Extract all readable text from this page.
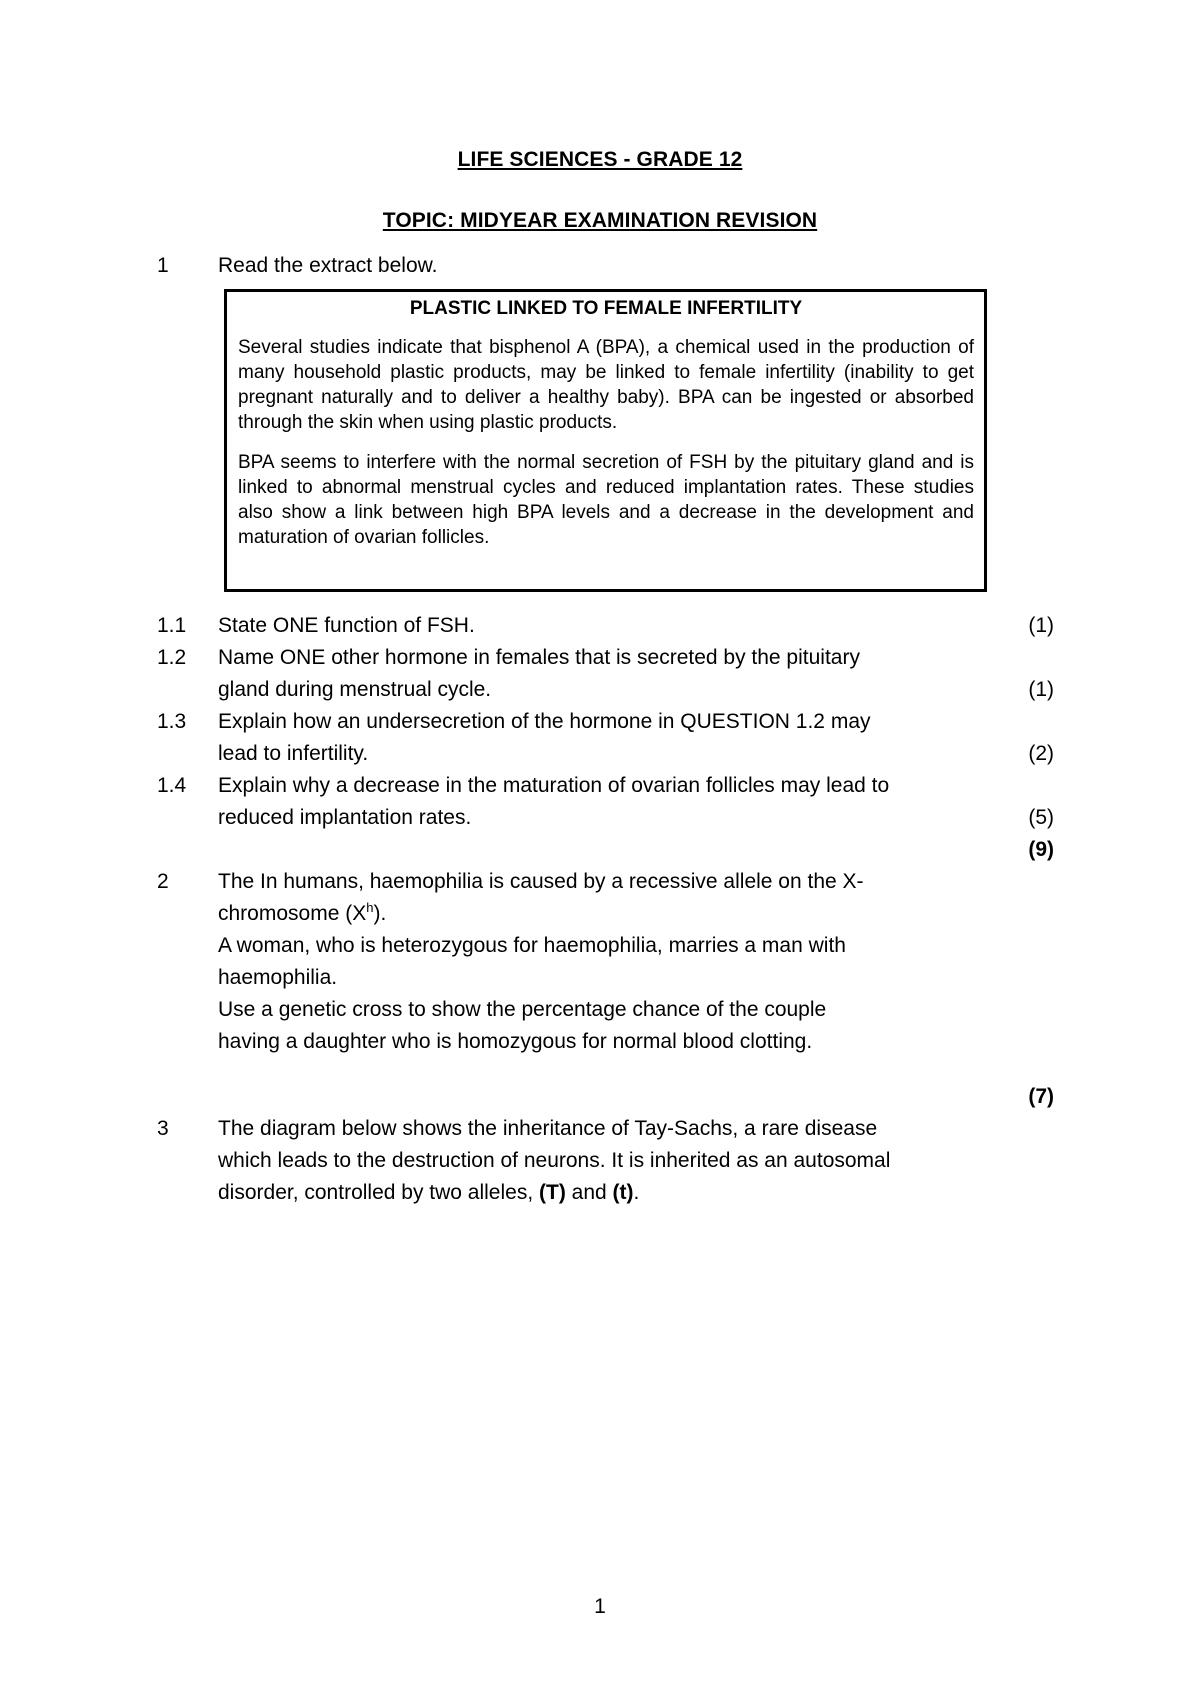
LIFE SCIENCES - GRADE 12
TOPIC: MIDYEAR EXAMINATION REVISION
1 Read the extract below.
PLASTIC LINKED TO FEMALE INFERTILITY
Several studies indicate that bisphenol A (BPA), a chemical used in the production of many household plastic products, may be linked to female infertility (inability to get pregnant naturally and to deliver a healthy baby). BPA can be ingested or absorbed through the skin when using plastic products.
BPA seems to interfere with the normal secretion of FSH by the pituitary gland and is linked to abnormal menstrual cycles and reduced implantation rates. These studies also show a link between high BPA levels and a decrease in the development and maturation of ovarian follicles.
1.1 State ONE function of FSH.	(1)
1.2 Name ONE other hormone in females that is secreted by the pituitary
gland during menstrual cycle.	(1)
1.3 Explain how an undersecretion of the hormone in QUESTION 1.2 may
lead to infertility.	(2)
1.4 Explain why a decrease in the maturation of ovarian follicles may lead to
reduced implantation rates.	(5)
(9)
2 The In humans, haemophilia is caused by a recessive allele on the X-
chromosome $(X^h)$.
A woman, who is heterozygous for haemophilia, marries a man with
haemophilia.
Use a genetic cross to show the percentage chance of the couple
having a daughter who is homozygous for normal blood clotting.
(7)
3 The diagram below shows the inheritance of Tay-Sachs, a rare disease
which leads to the destruction of neurons. It is inherited as an autosomal
disorder, controlled by two alleles, (T) and (t).
1
